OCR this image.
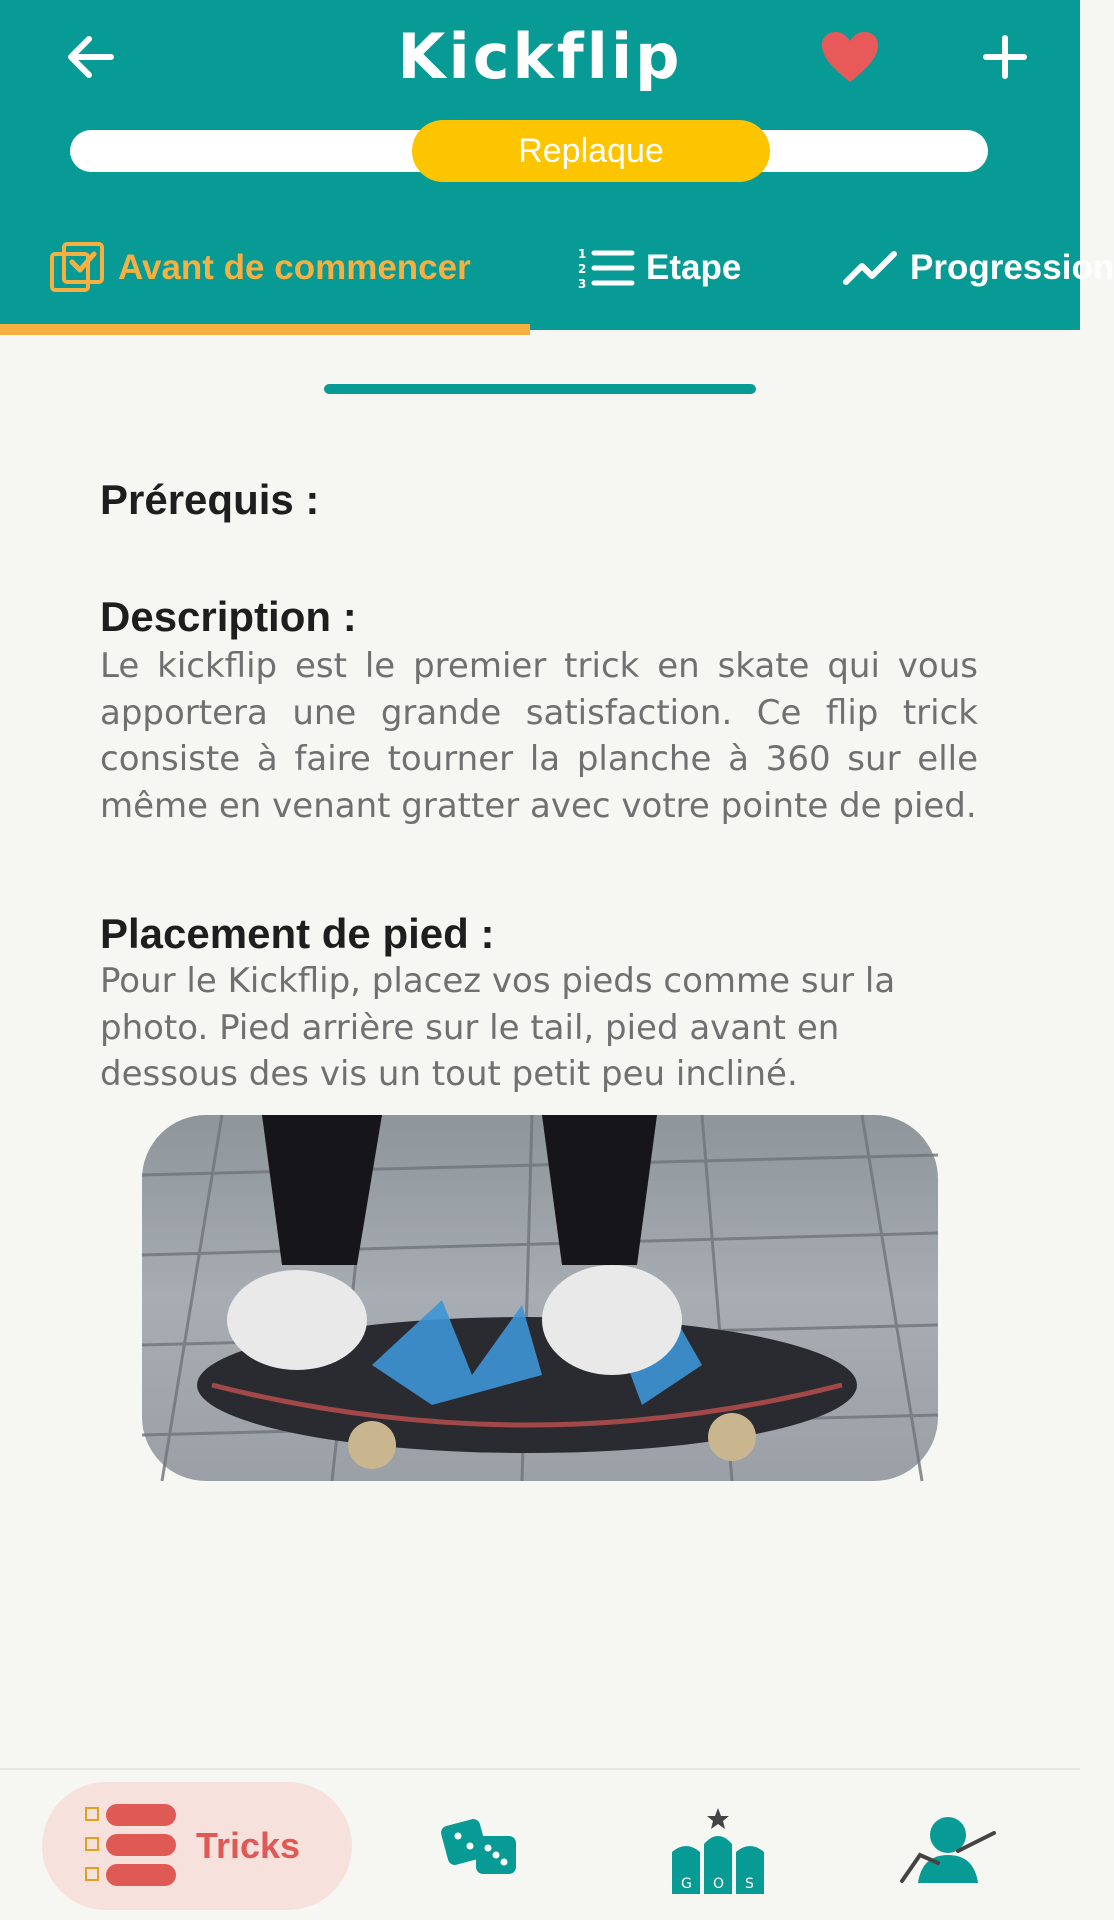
Kickflip
Replaque
Avant de commencer	1
2
3 Etape	Progression
Prérequis :
Description :
Le kickflip est le premier trick en skate qui vous apportera une grande satisfaction. Ce flip trick consiste à faire tourner la planche à 360 sur elle même en venant gratter avec votre pointe de pied.
Placement de pied :
Pour le Kickflip, placez vos pieds comme sur la photo. Pied arrière sur le tail, pied avant en dessous des vis un tout petit peu incliné.
Tricks
G O S
